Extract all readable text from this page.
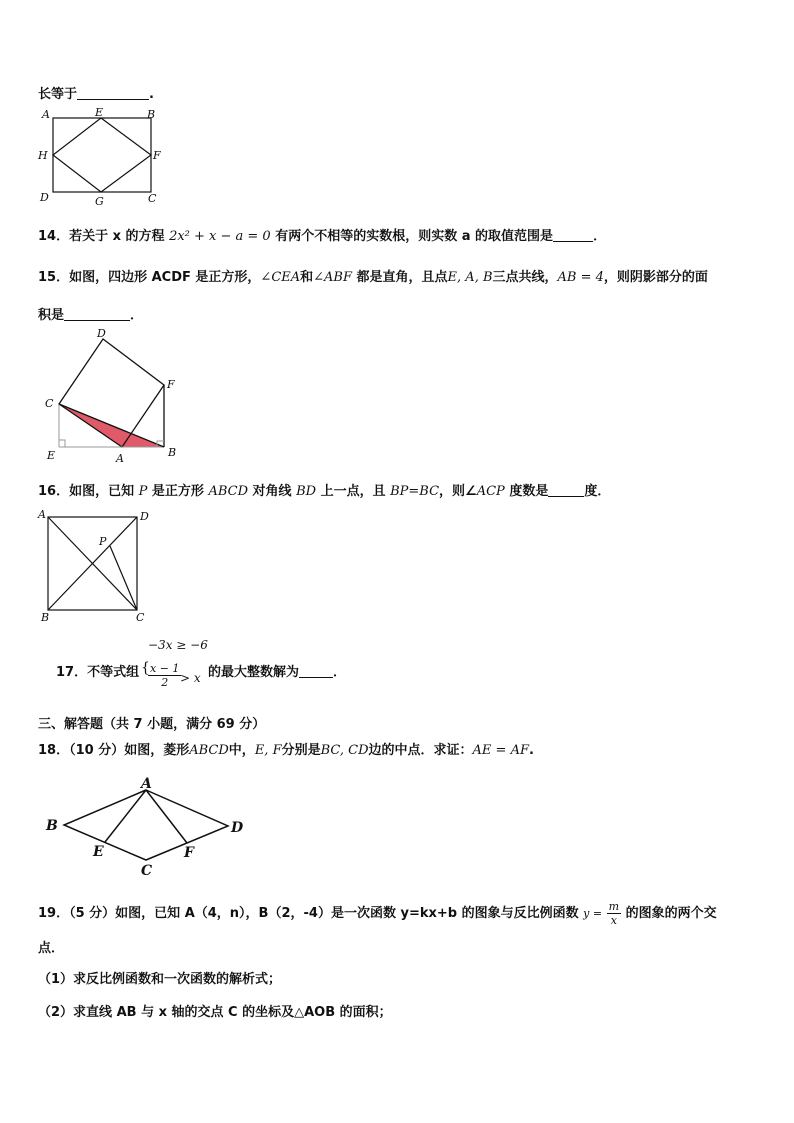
长等于	.
A	E	B
H	F
D	G	C
14．若关于 x 的方程 2x² + x − a = 0 有两个不相等的实数根，则实数 a 的取值范围是	．
15．如图，四边形 ACDF 是正方形，∠CEA和∠ABF 都是直角，且点E, A, B三点共线，AB = 4，则阴影部分的面
积是	．
D
F
C
E	A	B
16．如图，已知 P 是正方形 ABCD 对角线 BD 上一点，且 BP=BC，则∠ACP 度数是	度．
A	D
P
B	C
−3x ≥ −6
17．不等式组 {
$\frac{x - 1}{2}$
> x 的最大整数解为	．
三、解答题（共 7 小题，满分 69 分）
18．（10 分）如图，菱形ABCD中，E, F分别是BC, CD边的中点．求证：AE = AF.
A
B	D
E	F
C
19．（5 分）如图，已知 A（4，n），B（2，-4）是一次函数 y=kx+b 的图象与反比例函数 $y = \frac{m}{x}$ 的图象的两个交
点．
（1）求反比例函数和一次函数的解析式；
（2）求直线 AB 与 x 轴的交点 C 的坐标及△AOB 的面积；
